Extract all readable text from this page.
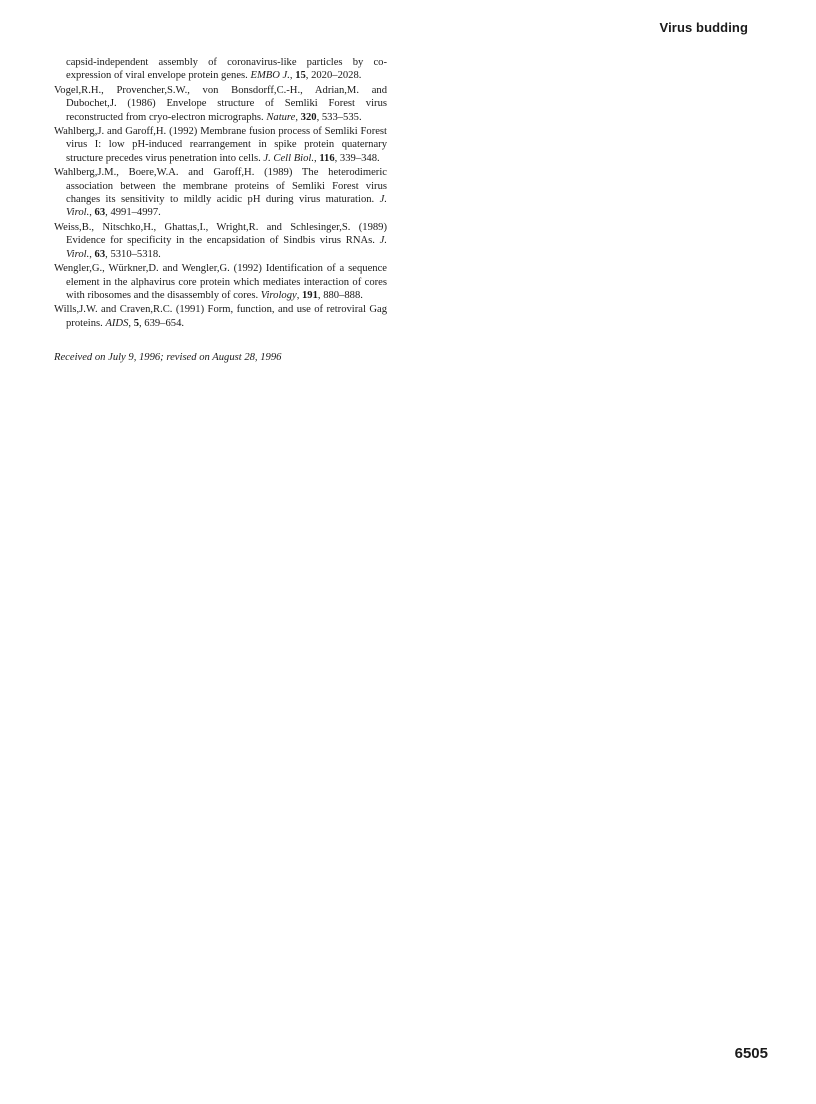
Virus budding

capsid-independent assembly of coronavirus-like particles by co-expression of viral envelope protein genes. EMBO J., 15, 2020–2028.

Vogel,R.H., Provencher,S.W., von Bonsdorff,C.-H., Adrian,M. and Dubochet,J. (1986) Envelope structure of Semliki Forest virus reconstructed from cryo-electron micrographs. Nature, 320, 533–535.

Wahlberg,J. and Garoff,H. (1992) Membrane fusion process of Semliki Forest virus I: low pH-induced rearrangement in spike protein quaternary structure precedes virus penetration into cells. J. Cell Biol., 116, 339–348.

Wahlberg,J.M., Boere,W.A. and Garoff,H. (1989) The heterodimeric association between the membrane proteins of Semliki Forest virus changes its sensitivity to mildly acidic pH during virus maturation. J. Virol., 63, 4991–4997.

Weiss,B., Nitschko,H., Ghattas,I., Wright,R. and Schlesinger,S. (1989) Evidence for specificity in the encapsidation of Sindbis virus RNAs. J. Virol., 63, 5310–5318.

Wengler,G., Würkner,D. and Wengler,G. (1992) Identification of a sequence element in the alphavirus core protein which mediates interaction of cores with ribosomes and the disassembly of cores. Virology, 191, 880–888.

Wills,J.W. and Craven,R.C. (1991) Form, function, and use of retroviral Gag proteins. AIDS, 5, 639–654.

Received on July 9, 1996; revised on August 28, 1996
6505
